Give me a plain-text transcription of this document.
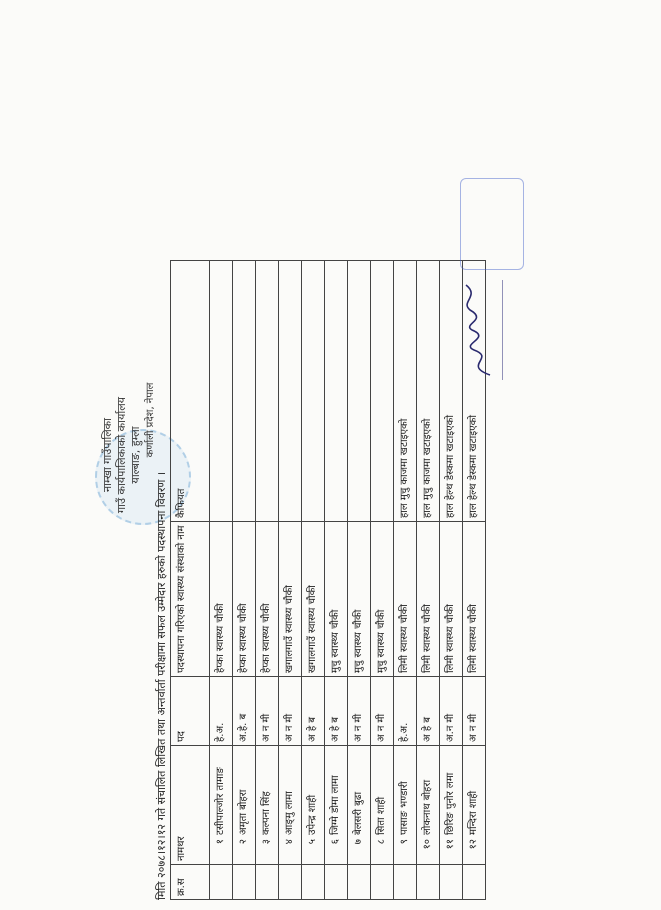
नाम्खा गाउँपालिका गाउँ कार्यपालिकाको कार्यालय याल्बाङ, हुम्ला कर्णाली प्रदेश, नेपाल
मिति २०७८।१२।१२ गते संचालित लिखित तथा अन्तर्वार्ता परीक्षामा सफल उम्मेदार हरुको पदस्थापना विवरण । क्र.स	नामथर	पद	पदस्थापना गरिएको स्वास्थ्य संस्थाको नाम	कैफियत
	१टसीपाल्जोर तामाङ	हे.अ.	हेप्का स्वास्थ्य चौकी	
	२अमृता बोहरा	अ.हे. ब	हेप्का स्वास्थ्य चौकी	
	३कल्पना सिंह	अ न मी	हेप्का स्वास्थ्य चौकी	
	४आङ्‌मु लामा	अ न मी	खगालगाउँ स्वास्थ्य चौकी	
	५उपेन्द्र शाही	अ हे ब	खगालगाउँ स्वास्थ्य चौकी	
	६जिग्मे डोमा लामा	अ हे ब	मुचु स्वास्थ्य चौकी	
	७बेलसरी बुढा	अ न मी	मुचु स्वास्थ्य चौकी	
	८सिता शाही	अ न मी	मुचु स्वास्थ्य चौकी	
	९पासाङ भण्डारी	हे.अ.	लिमी स्वास्थ्य चौकी	हाल मुचु काजमा खटाइएको
	१०लोकनाथ बोहरा	अ हे ब	लिमी स्वास्थ्य चौकी	हाल मुचु काजमा खटाइएको
	११छिरिङ पुनोर लमा	अ.न मी	लिमी स्वास्थ्य चौकी	हाल हेल्थ डेस्कमा खटाइएको
	१२मन्दिरा शाही	अ न मी	लिमी स्वास्थ्य चौकी	हाल हेल्थ डेस्कमा खटाइएको
